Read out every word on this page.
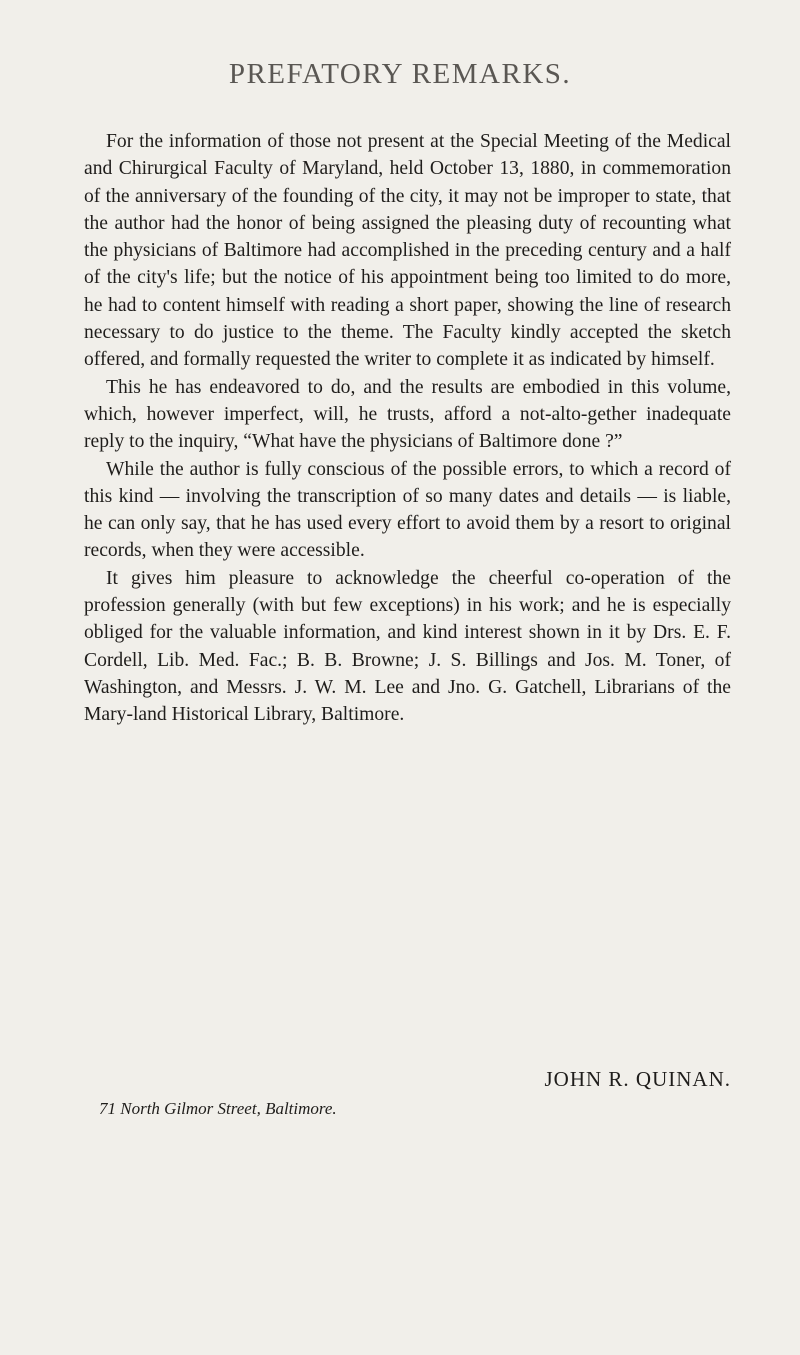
PREFATORY REMARKS.

For the information of those not present at the Special Meeting of the Medical and Chirurgical Faculty of Maryland, held October 13, 1880, in commemoration of the anniversary of the founding of the city, it may not be improper to state, that the author had the honor of being assigned the pleasing duty of recounting what the physicians of Baltimore had accomplished in the preceding century and a half of the city's life; but the notice of his appointment being too limited to do more, he had to content himself with reading a short paper, showing the line of research necessary to do justice to the theme. The Faculty kindly accepted the sketch offered, and formally requested the writer to complete it as indicated by himself.

This he has endeavored to do, and the results are embodied in this volume, which, however imperfect, will, he trusts, afford a not-alto-gether inadequate reply to the inquiry, “What have the physicians of Baltimore done ?”

While the author is fully conscious of the possible errors, to which a record of this kind — involving the transcription of so many dates and details — is liable, he can only say, that he has used every effort to avoid them by a resort to original records, when they were accessible.

It gives him pleasure to acknowledge the cheerful co-operation of the profession generally (with but few exceptions) in his work; and he is especially obliged for the valuable information, and kind interest shown in it by Drs. E. F. Cordell, Lib. Med. Fac.; B. B. Browne; J. S. Billings and Jos. M. Toner, of Washington, and Messrs. J. W. M. Lee and Jno. G. Gatchell, Librarians of the Mary-land Historical Library, Baltimore.

JOHN R. QUINAN.

71 North Gilmor Street, Baltimore.
